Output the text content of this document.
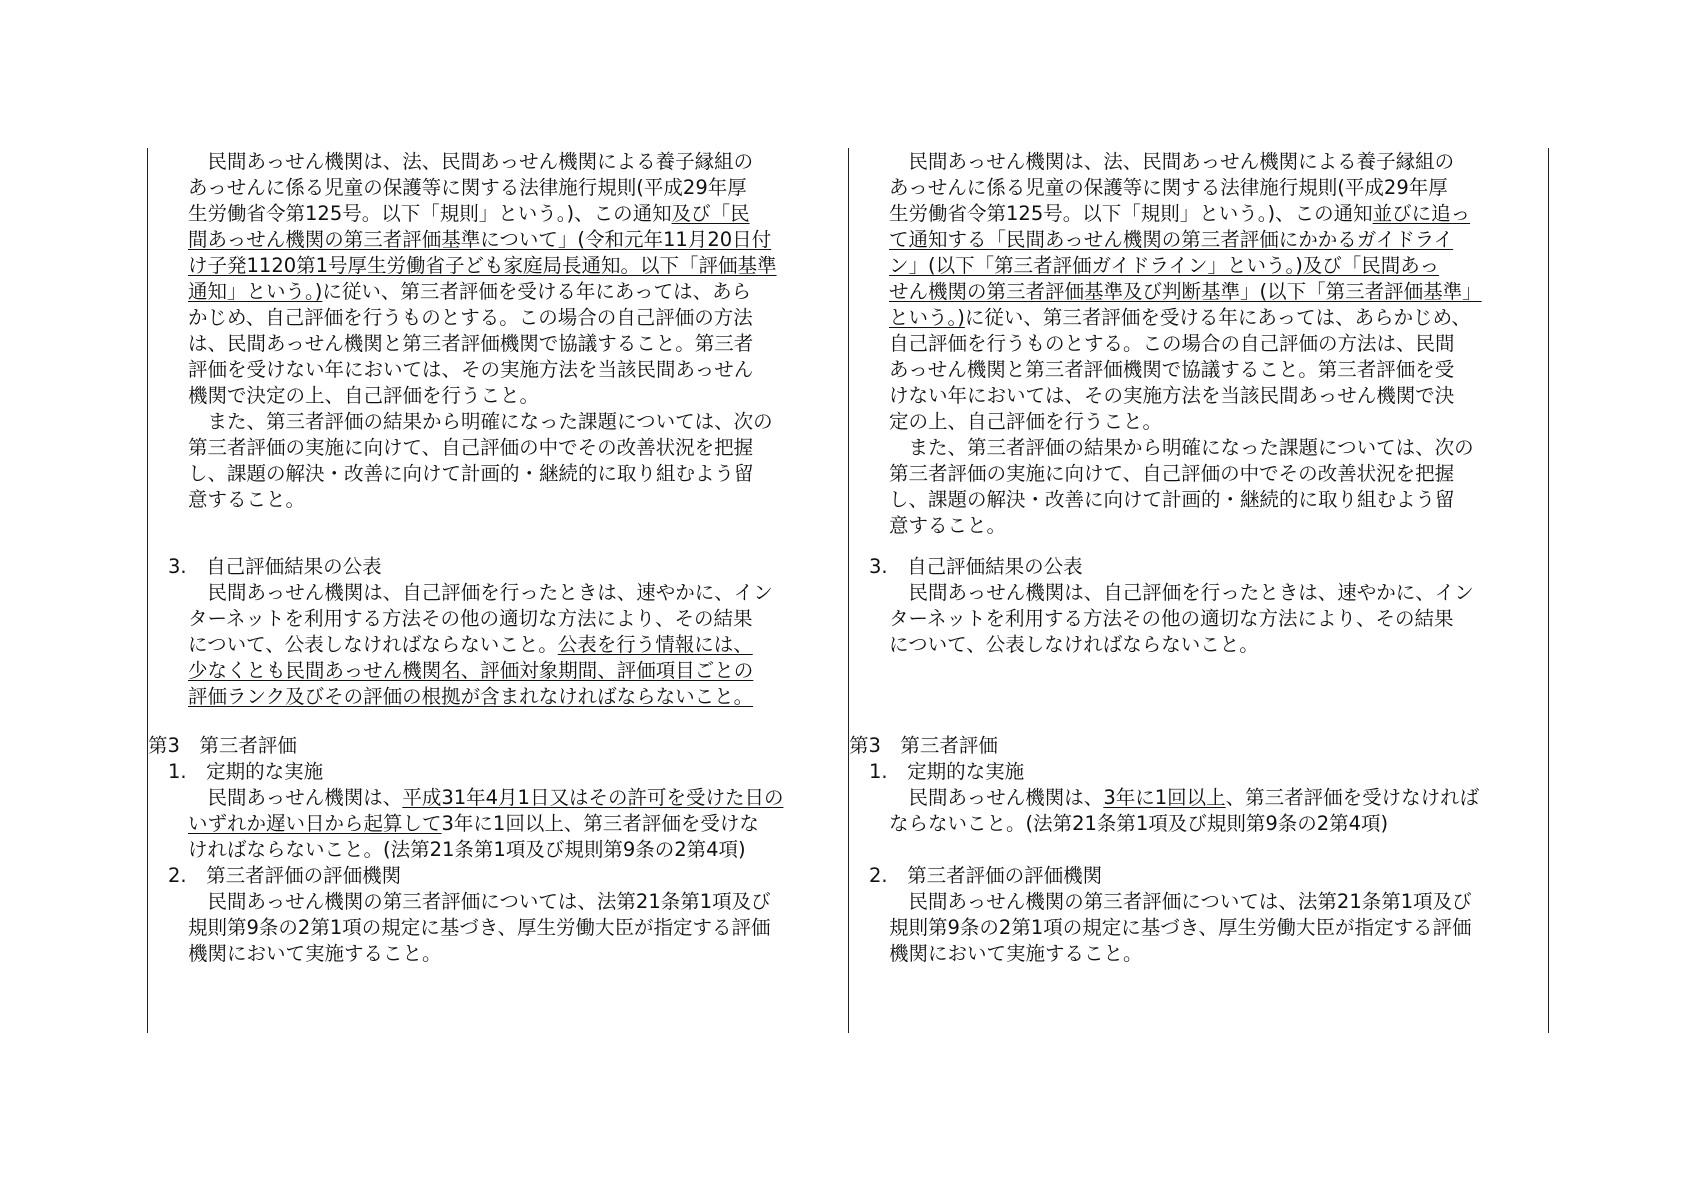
　民間あっせん機関は、法、民間あっせん機関による養子縁組の
あっせんに係る児童の保護等に関する法律施行規則(平成29年厚
生労働省令第125号。以下「規則」という。)、この通知及び「民
間あっせん機関の第三者評価基準について」(令和元年11月20日付
け子発1120第1号厚生労働省子ども家庭局長通知。以下「評価基準
通知」という。)に従い、第三者評価を受ける年にあっては、あら
かじめ、自己評価を行うものとする。この場合の自己評価の方法
は、民間あっせん機関と第三者評価機関で協議すること。第三者
評価を受けない年においては、その実施方法を当該民間あっせん
機関で決定の上、自己評価を行うこと。
　また、第三者評価の結果から明確になった課題については、次の
第三者評価の実施に向けて、自己評価の中でその改善状況を把握
し、課題の解決・改善に向けて計画的・継続的に取り組むよう留
意すること。
3.　自己評価結果の公表
　民間あっせん機関は、自己評価を行ったときは、速やかに、イン
ターネットを利用する方法その他の適切な方法により、その結果
について、公表しなければならないこと。公表を行う情報には、
少なくとも民間あっせん機関名、評価対象期間、評価項目ごとの
評価ランク及びその評価の根拠が含まれなければならないこと。
第3　第三者評価
1.　定期的な実施
　民間あっせん機関は、平成31年4月1日又はその許可を受けた日の
いずれか遅い日から起算して3年に1回以上、第三者評価を受けな
ければならないこと。(法第21条第1項及び規則第9条の2第4項)
2.　第三者評価の評価機関
　民間あっせん機関の第三者評価については、法第21条第1項及び
規則第9条の2第1項の規定に基づき、厚生労働大臣が指定する評価
機関において実施すること。
　民間あっせん機関は、法、民間あっせん機関による養子縁組の
あっせんに係る児童の保護等に関する法律施行規則(平成29年厚
生労働省令第125号。以下「規則」という。)、この通知並びに追っ
て通知する「民間あっせん機関の第三者評価にかかるガイドライ
ン」(以下「第三者評価ガイドライン」という。)及び「民間あっ
せん機関の第三者評価基準及び判断基準」(以下「第三者評価基準」
という。)に従い、第三者評価を受ける年にあっては、あらかじめ、
自己評価を行うものとする。この場合の自己評価の方法は、民間
あっせん機関と第三者評価機関で協議すること。第三者評価を受
けない年においては、その実施方法を当該民間あっせん機関で決
定の上、自己評価を行うこと。
　また、第三者評価の結果から明確になった課題については、次の
第三者評価の実施に向けて、自己評価の中でその改善状況を把握
し、課題の解決・改善に向けて計画的・継続的に取り組むよう留
意すること。
3.　自己評価結果の公表
　民間あっせん機関は、自己評価を行ったときは、速やかに、イン
ターネットを利用する方法その他の適切な方法により、その結果
について、公表しなければならないこと。
第3　第三者評価
1.　定期的な実施
　民間あっせん機関は、3年に1回以上、第三者評価を受けなければ
ならないこと。(法第21条第1項及び規則第9条の2第4項)
2.　第三者評価の評価機関
　民間あっせん機関の第三者評価については、法第21条第1項及び
規則第9条の2第1項の規定に基づき、厚生労働大臣が指定する評価
機関において実施すること。
